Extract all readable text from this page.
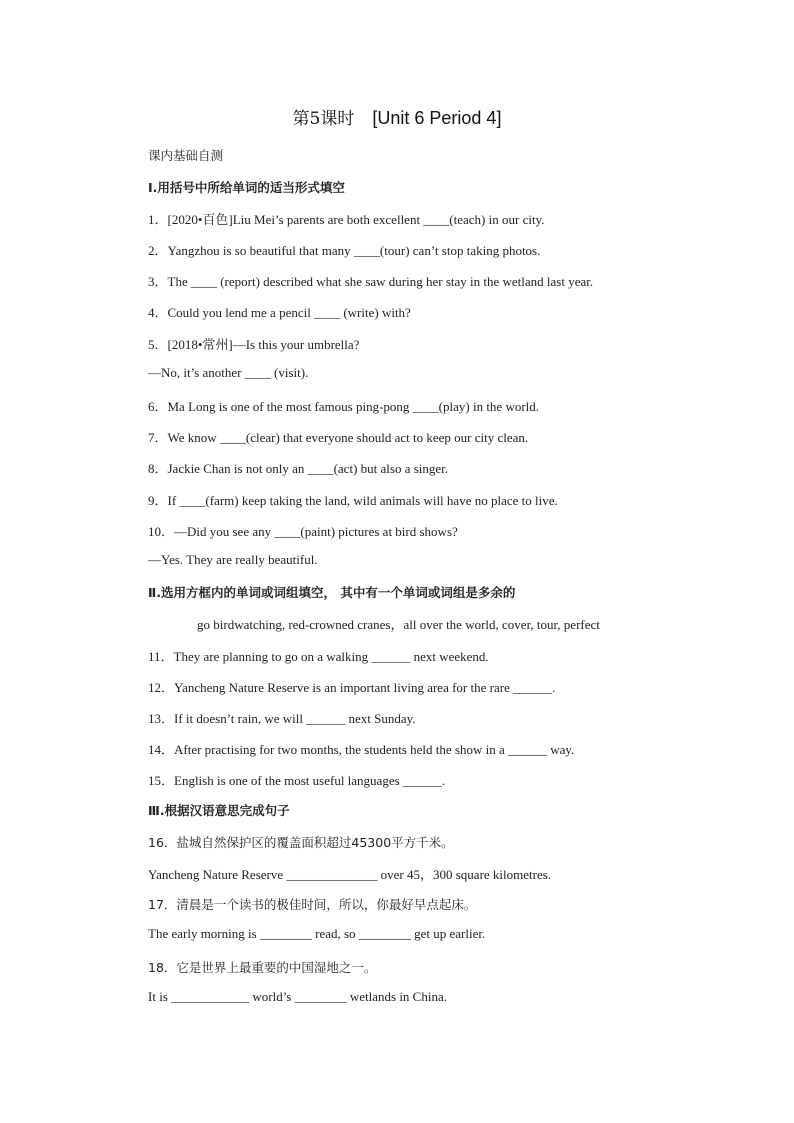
第5课时 [Unit 6 Period 4]
课内基础自测
Ⅰ.用括号中所给单词的适当形式填空
1．[2020•百色]Liu Mei’s parents are both excellent ____(teach) in our city.
2．Yangzhou is so beautiful that many ____(tour) can’t stop taking photos.
3．The ____ (report) described what she saw during her stay in the wetland last year.
4．Could you lend me a pencil ____ (write) with?
5．[2018•常州]—Is this your umbrella?
—No, it’s another ____ (visit).
6．Ma Long is one of the most famous ping-pong ____(play) in the world.
7．We know ____(clear) that everyone should act to keep our city clean.
8．Jackie Chan is not only an ____(act) but also a singer.
9．If ____(farm) keep taking the land, wild animals will have no place to live.
10．—Did you see any ____(paint) pictures at bird shows?
—Yes. They are really beautiful.
Ⅱ.选用方框内的单词或词组填空， 其中有一个单词或词组是多余的
go birdwatching, red-crowned cranes，all over the world, cover, tour, perfect
11．They are planning to go on a walking ______ next weekend.
12．Yancheng Nature Reserve is an important living area for the rare ______.
13．If it doesn’t rain, we will ______ next Sunday.
14．After practising for two months, the students held the show in a ______ way.
15．English is one of the most useful languages ______.
Ⅲ.根据汉语意思完成句子
16．盐城自然保护区的覆盖面积超过45300平方千米。
Yancheng Nature Reserve ______________ over 45，300 square kilometres.
17．清晨是一个读书的极佳时间，所以，你最好早点起床。
The early morning is ________ read, so ________ get up earlier.
18．它是世界上最重要的中国湿地之一。
It is ____________ world’s ________ wetlands in China.
